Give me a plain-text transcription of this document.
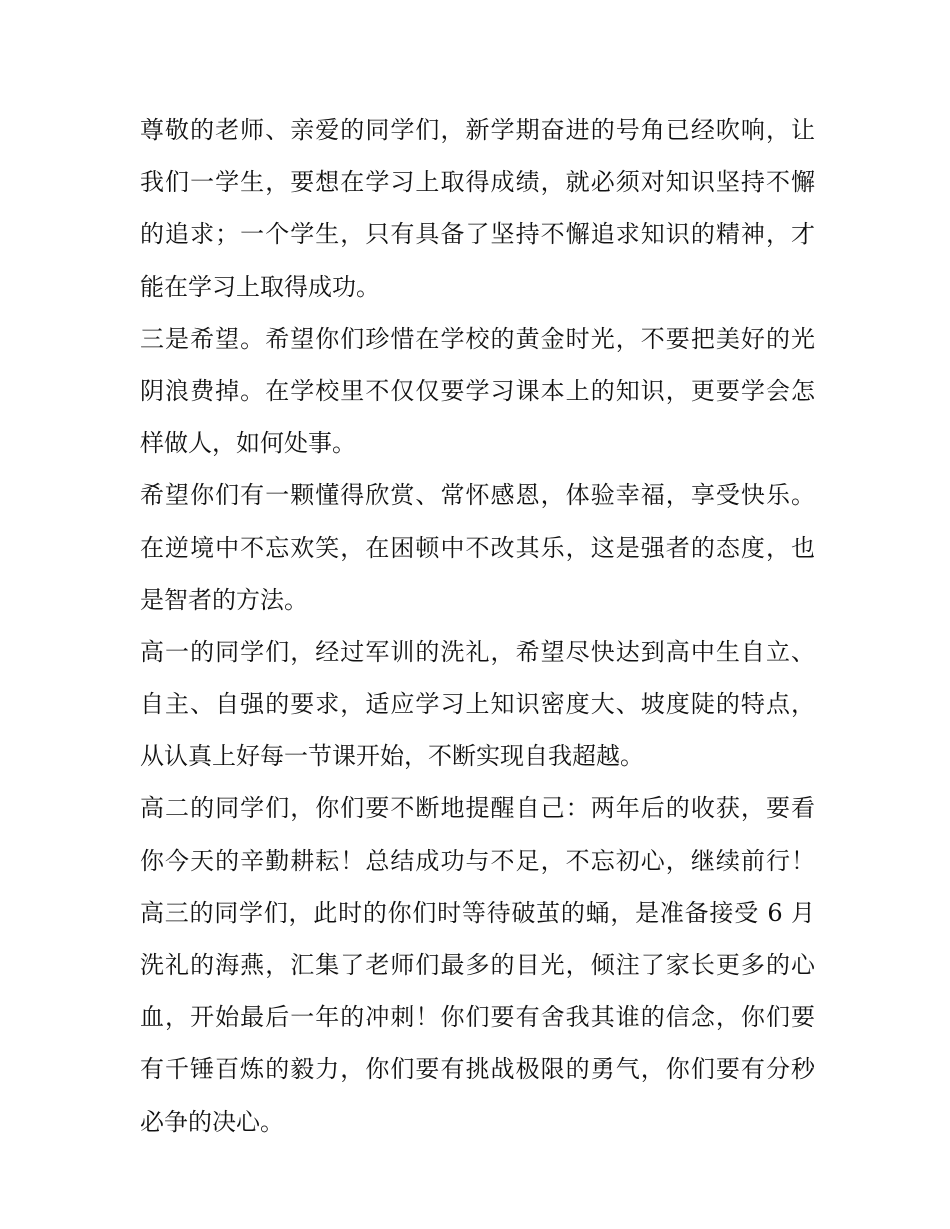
尊敬的老师、亲爱的同学们，新学期奋进的号角已经吹响，让
我们一学生，要想在学习上取得成绩，就必须对知识坚持不懈
的追求；一个学生，只有具备了坚持不懈追求知识的精神，才
能在学习上取得成功。
三是希望。希望你们珍惜在学校的黄金时光，不要把美好的光
阴浪费掉。在学校里不仅仅要学习课本上的知识，更要学会怎
样做人，如何处事。
希望你们有一颗懂得欣赏、常怀感恩，体验幸福，享受快乐。
在逆境中不忘欢笑，在困顿中不改其乐，这是强者的态度，也
是智者的方法。
高一的同学们，经过军训的洗礼，希望尽快达到高中生自立、
自主、自强的要求，适应学习上知识密度大、坡度陡的特点，
从认真上好每一节课开始，不断实现自我超越。
高二的同学们，你们要不断地提醒自己：两年后的收获，要看
你今天的辛勤耕耘！总结成功与不足，不忘初心，继续前行！
高三的同学们，此时的你们时等待破茧的蛹，是准备接受 6 月
洗礼的海燕，汇集了老师们最多的目光，倾注了家长更多的心
血，开始最后一年的冲刺！你们要有舍我其谁的信念，你们要
有千锤百炼的毅力，你们要有挑战极限的勇气，你们要有分秒
必争的决心。
